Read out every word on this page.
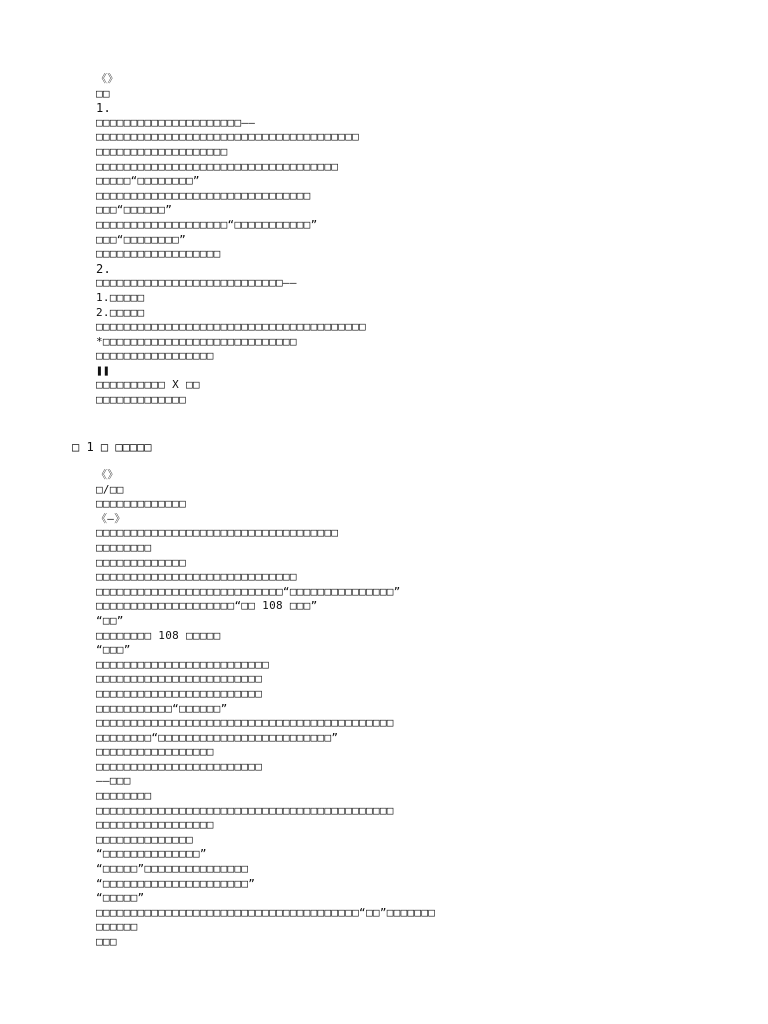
《》
□□
1.
□□□□□□□□□□□□□□□□□□□□□——
□□□□□□□□□□□□□□□□□□□□□□□□□□□□□□□□□□□□□□
□□□□□□□□□□□□□□□□□□□
□□□□□□□□□□□□□□□□□□□□□□□□□□□□□□□□□□□
□□□□□“□□□□□□□□”
□□□□□□□□□□□□□□□□□□□□□□□□□□□□□□□
□□□“□□□□□□”
□□□□□□□□□□□□□□□□□□□“□□□□□□□□□□□”
□□□“□□□□□□□□”
□□□□□□□□□□□□□□□□□□
2.
□□□□□□□□□□□□□□□□□□□□□□□□□□□——
1.□□□□□
2.□□□□□
□□□□□□□□□□□□□□□□□□□□□□□□□□□□□□□□□□□□□□□
*□□□□□□□□□□□□□□□□□□□□□□□□□□□□
□□□□□□□□□□□□□□□□□
❚❚
□□□□□□□□□□ X □□
□□□□□□□□□□□□□
□ 1 □ □□□□□
《》
□/□□
□□□□□□□□□□□□□
《—》
□□□□□□□□□□□□□□□□□□□□□□□□□□□□□□□□□□□
□□□□□□□□
□□□□□□□□□□□□□
□□□□□□□□□□□□□□□□□□□□□□□□□□□□□
□□□□□□□□□□□□□□□□□□□□□□□□□□□“□□□□□□□□□□□□□□□”
□□□□□□□□□□□□□□□□□□□□“□□ 108 □□□”
“□□”
□□□□□□□□ 108 □□□□□
“□□□”
□□□□□□□□□□□□□□□□□□□□□□□□□
□□□□□□□□□□□□□□□□□□□□□□□□
□□□□□□□□□□□□□□□□□□□□□□□□
□□□□□□□□□□□“□□□□□□”
□□□□□□□□□□□□□□□□□□□□□□□□□□□□□□□□□□□□□□□□□□□
□□□□□□□□“□□□□□□□□□□□□□□□□□□□□□□□□□”
□□□□□□□□□□□□□□□□□
□□□□□□□□□□□□□□□□□□□□□□□□
——□□□
□□□□□□□□
□□□□□□□□□□□□□□□□□□□□□□□□□□□□□□□□□□□□□□□□□□□
□□□□□□□□□□□□□□□□□
□□□□□□□□□□□□□□
“□□□□□□□□□□□□□□”
“□□□□□”□□□□□□□□□□□□□□□
“□□□□□□□□□□□□□□□□□□□□□”
“□□□□□”
□□□□□□□□□□□□□□□□□□□□□□□□□□□□□□□□□□□□□□“□□”□□□□□□□
□□□□□□
□□□
